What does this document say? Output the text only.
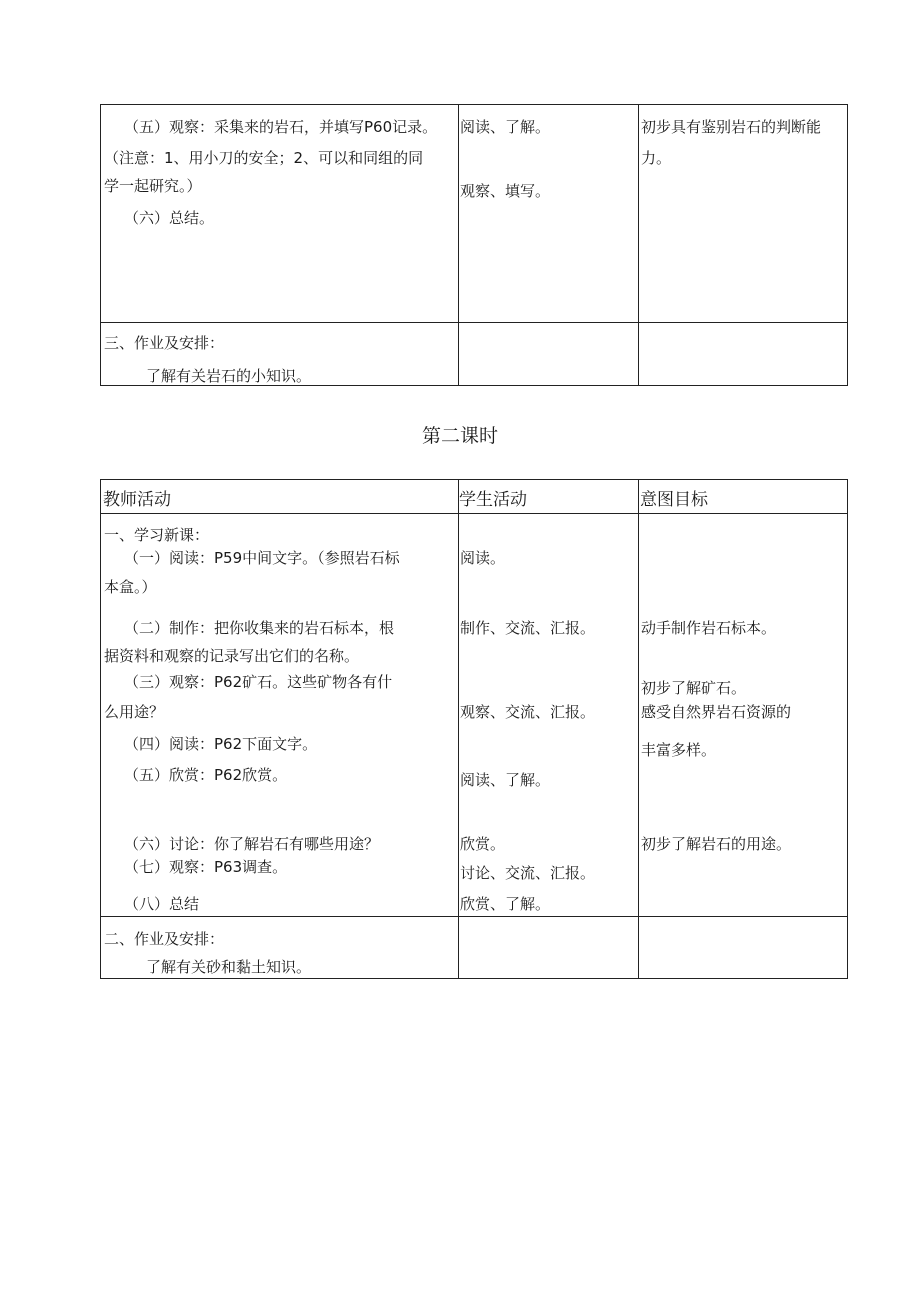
（五）观察：采集来的岩石，并填写P60记录。
（注意：1、用小刀的安全；2、可以和同组的同
学一起研究。）
（六）总结。
阅读、了解。
观察、填写。
初步具有鉴别岩石的判断能
力。
三、作业及安排：
了解有关岩石的小知识。
第二课时
教师活动	学生活动	意图目标
一、学习新课：
（一）阅读：P59中间文字。（参照岩石标
本盒。）
（二）制作：把你收集来的岩石标本，根
据资料和观察的记录写出它们的名称。
（三）观察：P62矿石。这些矿物各有什
么用途？
（四）阅读：P62下面文字。
（五）欣赏：P62欣赏。
（六）讨论：你了解岩石有哪些用途？
（七）观察：P63调查。
（八）总结
阅读。
制作、交流、汇报。
观察、交流、汇报。
阅读、了解。
欣赏。
讨论、交流、汇报。
欣赏、了解。
动手制作岩石标本。
初步了解矿石。
感受自然界岩石资源的
丰富多样。
初步了解岩石的用途。
二、作业及安排：
了解有关砂和黏土知识。
